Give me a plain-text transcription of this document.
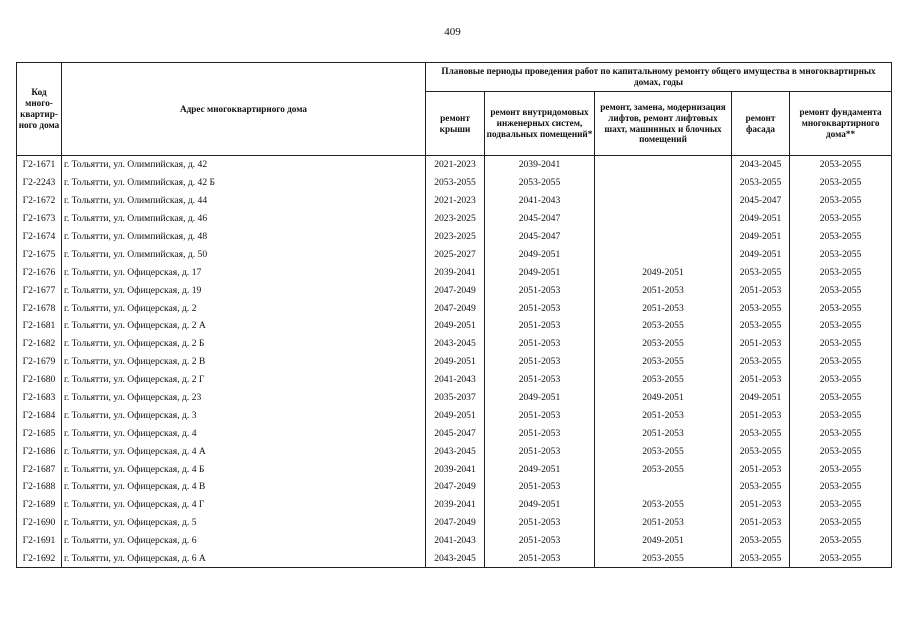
409
Код много-квартир-ного дома	Адрес многоквартирного дома	Плановые периоды проведения работ по капитальному ремонту общего имущества в многоквартирных домах, годы				
		ремонт крыши	ремонт внутридомовых инженерных систем, подвальных помещений*	ремонт, замена, модернизация лифтов, ремонт лифтовых шахт, машинных и блочных помещений	ремонт фасада	ремонт фундамента многоквартирного дома**
Г2-1671	г. Тольятти, ул. Олимпийская, д. 42	2021-2023	2039-2041		2043-2045	2053-2055
Г2-2243	г. Тольятти, ул. Олимпийская, д. 42 Б	2053-2055	2053-2055		2053-2055	2053-2055
Г2-1672	г. Тольятти, ул. Олимпийская, д. 44	2021-2023	2041-2043		2045-2047	2053-2055
Г2-1673	г. Тольятти, ул. Олимпийская, д. 46	2023-2025	2045-2047		2049-2051	2053-2055
Г2-1674	г. Тольятти, ул. Олимпийская, д. 48	2023-2025	2045-2047		2049-2051	2053-2055
Г2-1675	г. Тольятти, ул. Олимпийская, д. 50	2025-2027	2049-2051		2049-2051	2053-2055
Г2-1676	г. Тольятти, ул. Офицерская, д. 17	2039-2041	2049-2051	2049-2051	2053-2055	2053-2055
Г2-1677	г. Тольятти, ул. Офицерская, д. 19	2047-2049	2051-2053	2051-2053	2051-2053	2053-2055
Г2-1678	г. Тольятти, ул. Офицерская, д. 2	2047-2049	2051-2053	2051-2053	2053-2055	2053-2055
Г2-1681	г. Тольятти, ул. Офицерская, д. 2 А	2049-2051	2051-2053	2053-2055	2053-2055	2053-2055
Г2-1682	г. Тольятти, ул. Офицерская, д. 2 Б	2043-2045	2051-2053	2053-2055	2051-2053	2053-2055
Г2-1679	г. Тольятти, ул. Офицерская, д. 2 В	2049-2051	2051-2053	2053-2055	2053-2055	2053-2055
Г2-1680	г. Тольятти, ул. Офицерская, д. 2 Г	2041-2043	2051-2053	2053-2055	2051-2053	2053-2055
Г2-1683	г. Тольятти, ул. Офицерская, д. 23	2035-2037	2049-2051	2049-2051	2049-2051	2053-2055
Г2-1684	г. Тольятти, ул. Офицерская, д. 3	2049-2051	2051-2053	2051-2053	2051-2053	2053-2055
Г2-1685	г. Тольятти, ул. Офицерская, д. 4	2045-2047	2051-2053	2051-2053	2053-2055	2053-2055
Г2-1686	г. Тольятти, ул. Офицерская, д. 4 А	2043-2045	2051-2053	2053-2055	2053-2055	2053-2055
Г2-1687	г. Тольятти, ул. Офицерская, д. 4 Б	2039-2041	2049-2051	2053-2055	2051-2053	2053-2055
Г2-1688	г. Тольятти, ул. Офицерская, д. 4 В	2047-2049	2051-2053		2053-2055	2053-2055
Г2-1689	г. Тольятти, ул. Офицерская, д. 4 Г	2039-2041	2049-2051	2053-2055	2051-2053	2053-2055
Г2-1690	г. Тольятти, ул. Офицерская, д. 5	2047-2049	2051-2053	2051-2053	2051-2053	2053-2055
Г2-1691	г. Тольятти, ул. Офицерская, д. 6	2041-2043	2051-2053	2049-2051	2053-2055	2053-2055
Г2-1692	г. Тольятти, ул. Офицерская, д. 6 А	2043-2045	2051-2053	2053-2055	2053-2055	2053-2055
